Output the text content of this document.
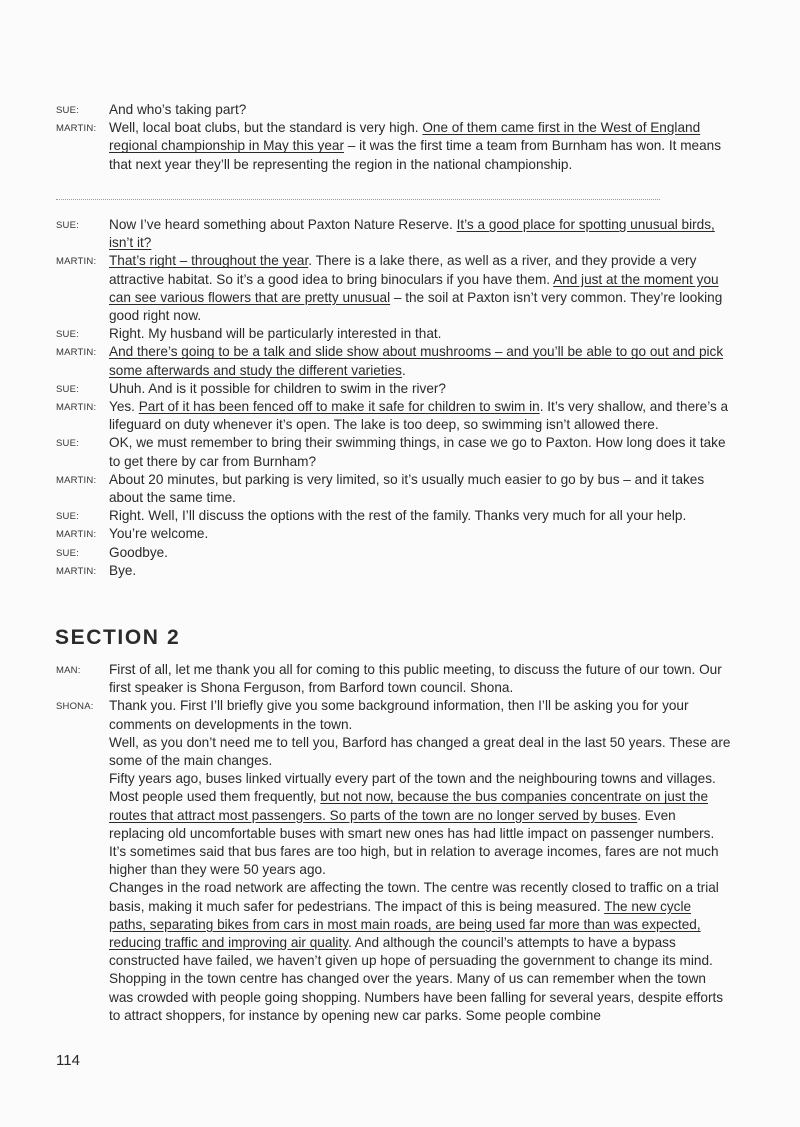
SUE:	And who’s taking part?
MARTIN: Well, local boat clubs, but the standard is very high. One of them came first in the West of England regional championship in May this year – it was the first time a team from Burnham has won. It means that next year they’ll be representing the region in the national championship.
SUE:	Now I’ve heard something about Paxton Nature Reserve. It’s a good place for spotting unusual birds, isn’t it?
MARTIN: That’s right – throughout the year. There is a lake there, as well as a river, and they provide a very attractive habitat. So it’s a good idea to bring binoculars if you have them. And just at the moment you can see various flowers that are pretty unusual – the soil at Paxton isn’t very common. They’re looking good right now.
SUE:	Right. My husband will be particularly interested in that.
MARTIN: And there’s going to be a talk and slide show about mushrooms – and you’ll be able to go out and pick some afterwards and study the different varieties.
SUE:	Uhuh. And is it possible for children to swim in the river?
MARTIN: Yes. Part of it has been fenced off to make it safe for children to swim in. It’s very shallow, and there’s a lifeguard on duty whenever it’s open. The lake is too deep, so swimming isn’t allowed there.
SUE:	OK, we must remember to bring their swimming things, in case we go to Paxton. How long does it take to get there by car from Burnham?
MARTIN: About 20 minutes, but parking is very limited, so it’s usually much easier to go by bus – and it takes about the same time.
SUE:	Right. Well, I’ll discuss the options with the rest of the family. Thanks very much for all your help.
MARTIN: You’re welcome.
SUE:	Goodbye.
MARTIN: Bye.
SECTION 2
MAN:	First of all, let me thank you all for coming to this public meeting, to discuss the future of our town. Our first speaker is Shona Ferguson, from Barford town council. Shona.
SHONA:	Thank you. First I’ll briefly give you some background information, then I’ll be asking you for your comments on developments in the town.
Well, as you don’t need me to tell you, Barford has changed a great deal in the last 50 years. These are some of the main changes.
Fifty years ago, buses linked virtually every part of the town and the neighbouring towns and villages. Most people used them frequently, but not now, because the bus companies concentrate on just the routes that attract most passengers. So parts of the town are no longer served by buses. Even replacing old uncomfortable buses with smart new ones has had little impact on passenger numbers. It’s sometimes said that bus fares are too high, but in relation to average incomes, fares are not much higher than they were 50 years ago.
Changes in the road network are affecting the town. The centre was recently closed to traffic on a trial basis, making it much safer for pedestrians. The impact of this is being measured. The new cycle paths, separating bikes from cars in most main roads, are being used far more than was expected, reducing traffic and improving air quality. And although the council’s attempts to have a bypass constructed have failed, we haven’t given up hope of persuading the government to change its mind.
Shopping in the town centre has changed over the years. Many of us can remember when the town was crowded with people going shopping. Numbers have been falling for several years, despite efforts to attract shoppers, for instance by opening new car parks. Some people combine
114
